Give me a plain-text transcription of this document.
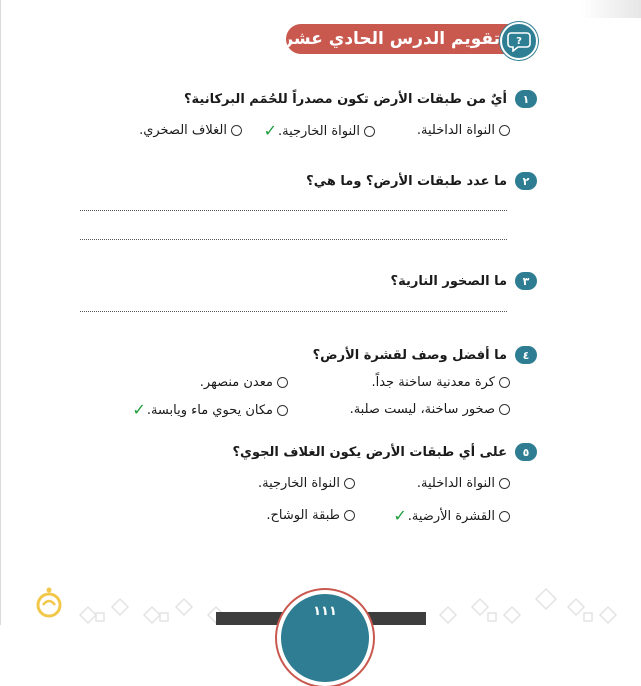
تقويم الدرس الحادي عشر ?
١
أيٌ من طبقات الأرض تكون مصدراً للحُمَم البركانية؟
النواة الداخلية.
النواة الخارجية.
✓
الغلاف الصخري.
٢
ما عدد طبقات الأرض؟ وما هي؟
٣
ما الصخور النارية؟
٤
ما أفضل وصف لقشرة الأرض؟
كرة معدنية ساخنة جداً.
معدن منصهر.
صخور ساخنة، ليست صلبة.
مكان يحوي ماء ويابسة.
✓
٥
على أي طبقات الأرض يكون الغلاف الجوي؟
النواة الداخلية.
النواة الخارجية.
القشرة الأرضية.
✓
طبقة الوشاح.
١١١
